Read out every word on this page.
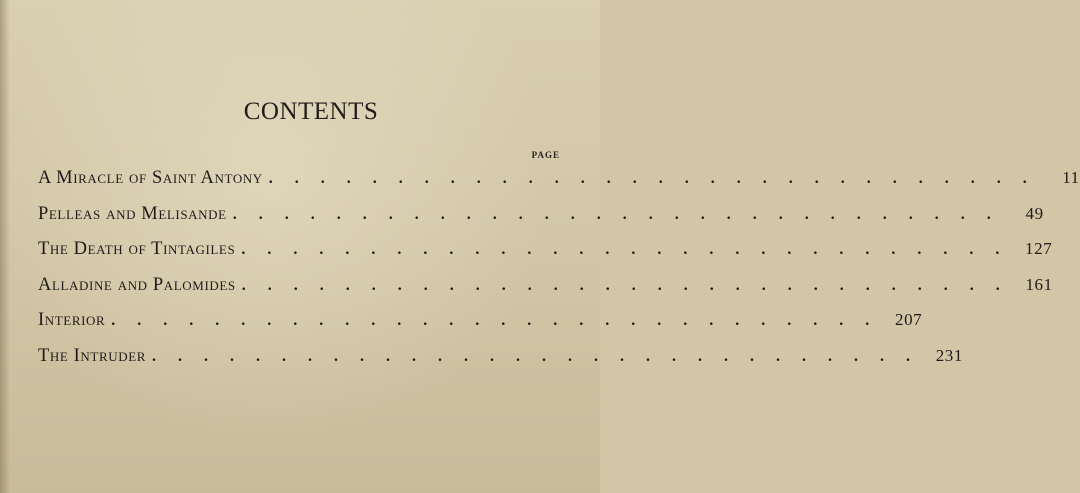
CONTENTS
PAGE
A Miracle of Saint Antony . . . . . . . . . . . . . . . . . . . . . . . . . . . . . .	11
Pelleas and Melisande . . . . . . . . . . . . . . . . . . . . . . . . . . . . . .	49
The Death of Tintagiles . . . . . . . . . . . . . . . . . . . . . . . . . . . . . . 127
Alladine and Palomides . . . . . . . . . . . . . . . . . . . . . . . . . . . . . . 161
Interior . . . . . . . . . . . . . . . . . . . . . . . . . . . . . . 207
The Intruder . . . . . . . . . . . . . . . . . . . . . . . . . . . . . . 231
